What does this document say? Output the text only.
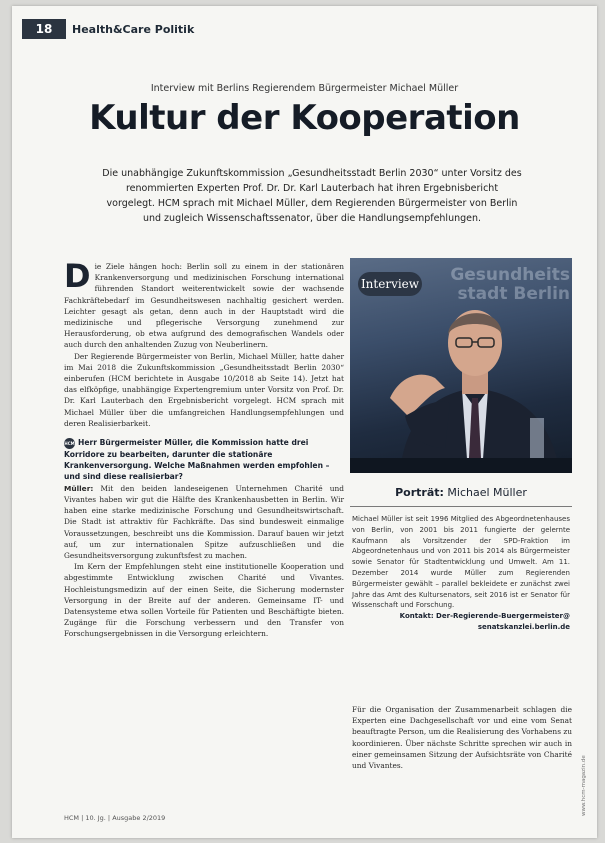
18	Health&Care Politik
Interview mit Berlins Regierendem Bürgermeister Michael Müller
Kultur der Kooperation
Die unabhängige Zukunftskommission „Gesundheitsstadt Berlin 2030“ unter Vorsitz des renommierten Experten Prof. Dr. Dr. Karl Lauterbach hat ihren Ergebnisbericht vorgelegt. HCM sprach mit Michael Müller, dem Regierenden Bürgermeister von Berlin und zugleich Wissenschaftssenator, über die Handlungsempfehlungen.

Die Ziele hängen hoch: Berlin soll zu einem in der stationären Krankenversorgung und medizinischen Forschung international führenden Standort weiterentwickelt sowie der wachsende Fachkräftebedarf im Gesundheitswesen nachhaltig gesichert werden. Leichter gesagt als getan, denn auch in der Hauptstadt wird die medizinische und pflegerische Versorgung zunehmend zur Herausforderung, ob etwa aufgrund des demografischen Wandels oder auch durch den anhaltenden Zuzug von Neuberlinern.

Der Regierende Bürgermeister von Berlin, Michael Müller, hatte daher im Mai 2018 die Zukunftskommission „Gesundheitsstadt Berlin 2030“ einberufen (HCM berichtete in Ausgabe 10/2018 ab Seite 14). Jetzt hat das elfköpfige, unabhängige Expertengremium unter Vorsitz von Prof. Dr. Dr. Karl Lauterbach den Ergebnisbericht vorgelegt. HCM sprach mit Michael Müller über die umfangreichen Handlungsempfehlungen und deren Realisierbarkeit.

HCM Herr Bürgermeister Müller, die Kommission hatte drei Korridore zu bearbeiten, darunter die stationäre Krankenversorgung. Welche Maßnahmen werden empfohlen – und sind diese realisierbar?

Müller: Mit den beiden landeseigenen Unternehmen Charité und Vivantes haben wir gut die Hälfte des Krankenhausbetten in Berlin. Wir haben eine starke medizinische Forschung und Gesundheitswirtschaft. Die Stadt ist attraktiv für Fachkräfte. Das sind bundesweit einmalige Voraussetzungen, beschreibt uns die Kommission. Darauf bauen wir jetzt auf, um zur internationalen Spitze aufzuschließen und die Gesundheitsversorgung zukunftsfest zu machen.

Im Kern der Empfehlungen steht eine institutionelle Kooperation und abgestimmte Entwicklung zwischen Charité und Vivantes. Hochleistungsmedizin auf der einen Seite, die Sicherung modernster Versorgung in der Breite auf der anderen. Gemeinsame IT- und Datensysteme etwa sollen Vorteile für Patienten und Beschäftigte bieten. Zugänge für die Forschung verbessern und den Transfer von Forschungsergebnissen in die Versorgung erleichtern.

Gesundheits
stadt Berlin
Interview
Porträt: Michael Müller

Michael Müller ist seit 1996 Mitglied des Abgeordnetenhauses von Berlin, von 2001 bis 2011 fungierte der gelernte Kaufmann als Vorsitzender der SPD-Fraktion im Abgeordnetenhaus und von 2011 bis 2014 als Bürgermeister sowie Senator für Stadtentwicklung und Umwelt. Am 11. Dezember 2014 wurde Müller zum Regierenden Bürgermeister gewählt – parallel bekleidete er zunächst zwei Jahre das Amt des Kultursenators, seit 2016 ist er Senator für Wissenschaft und Forschung.

Kontakt: Der-Regierende-Buergermeister@ senatskanzlei.berlin.de

Für die Organisation der Zusammenarbeit schlagen die Experten eine Dachgesellschaft vor und eine vom Senat beauftragte Person, um die Realisierung des Vorhabens zu koordinieren. Über nächste Schritte sprechen wir auch in einer gemeinsamen Sitzung der Aufsichtsräte von Charité und Vivantes.

HCM | 10. Jg. | Ausgabe 2/2019
www.hcm-magazin.de
